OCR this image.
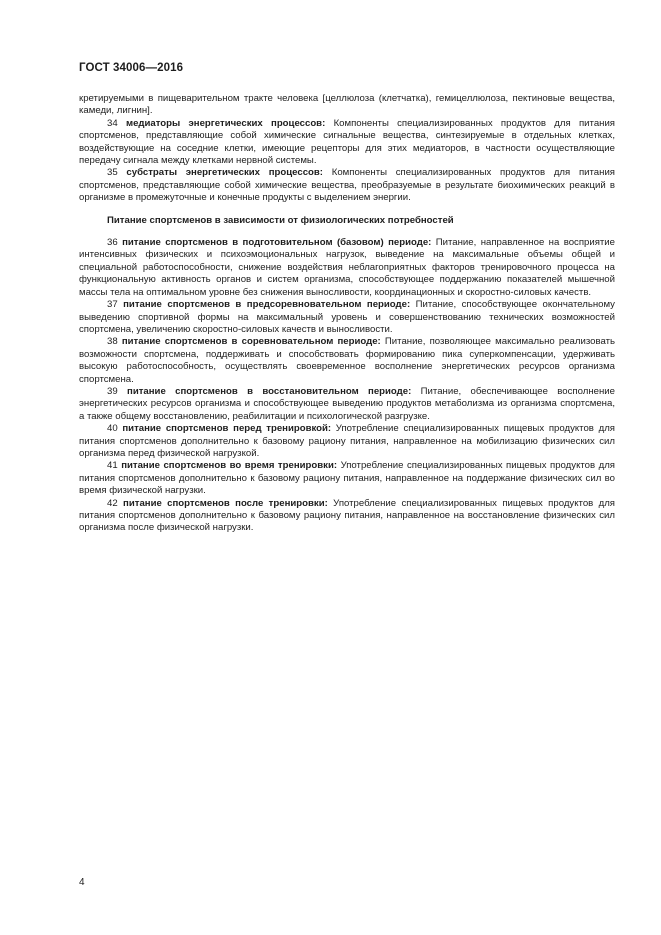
ГОСТ 34006—2016

кретируемыми в пищеварительном тракте человека [целлюлоза (клетчатка), гемицеллюлоза, пектиновые вещества, камеди, лигнин].

34 медиаторы энергетических процессов: Компоненты специализированных продуктов для питания спортсменов, представляющие собой химические сигнальные вещества, синтезируемые в отдельных клетках, воздействующие на соседние клетки, имеющие рецепторы для этих медиаторов, в частности осуществляющие передачу сигнала между клетками нервной системы.

35 субстраты энергетических процессов: Компоненты специализированных продуктов для питания спортсменов, представляющие собой химические вещества, преобразуемые в результате биохимических реакций в организме в промежуточные и конечные продукты с выделением энергии.

Питание спортсменов в зависимости от физиологических потребностей

36 питание спортсменов в подготовительном (базовом) периоде: Питание, направленное на восприятие интенсивных физических и психоэмоциональных нагрузок, выведение на максимальные объемы общей и специальной работоспособности, снижение воздействия неблагоприятных факторов тренировочного процесса на функциональную активность органов и систем организма, способствующее поддержанию показателей мышечной массы тела на оптимальном уровне без снижения выносливости, координационных и скоростно-силовых качеств.

37 питание спортсменов в предсоревновательном периоде: Питание, способствующее окончательному выведению спортивной формы на максимальный уровень и совершенствованию технических возможностей спортсмена, увеличению скоростно-силовых качеств и выносливости.

38 питание спортсменов в соревновательном периоде: Питание, позволяющее максимально реализовать возможности спортсмена, поддерживать и способствовать формированию пика суперкомпенсации, удерживать высокую работоспособность, осуществлять своевременное восполнение энергетических ресурсов организма спортсмена.

39 питание спортсменов в восстановительном периоде: Питание, обеспечивающее восполнение энергетических ресурсов организма и способствующее выведению продуктов метаболизма из организма спортсмена, а также общему восстановлению, реабилитации и психологической разгрузке.

40 питание спортсменов перед тренировкой: Употребление специализированных пищевых продуктов для питания спортсменов дополнительно к базовому рациону питания, направленное на мобилизацию физических сил организма перед физической нагрузкой.

41 питание спортсменов во время тренировки: Употребление специализированных пищевых продуктов для питания спортсменов дополнительно к базовому рациону питания, направленное на поддержание физических сил во время физической нагрузки.

42 питание спортсменов после тренировки: Употребление специализированных пищевых продуктов для питания спортсменов дополнительно к базовому рациону питания, направленное на восстановление физических сил организма после физической нагрузки.

4
